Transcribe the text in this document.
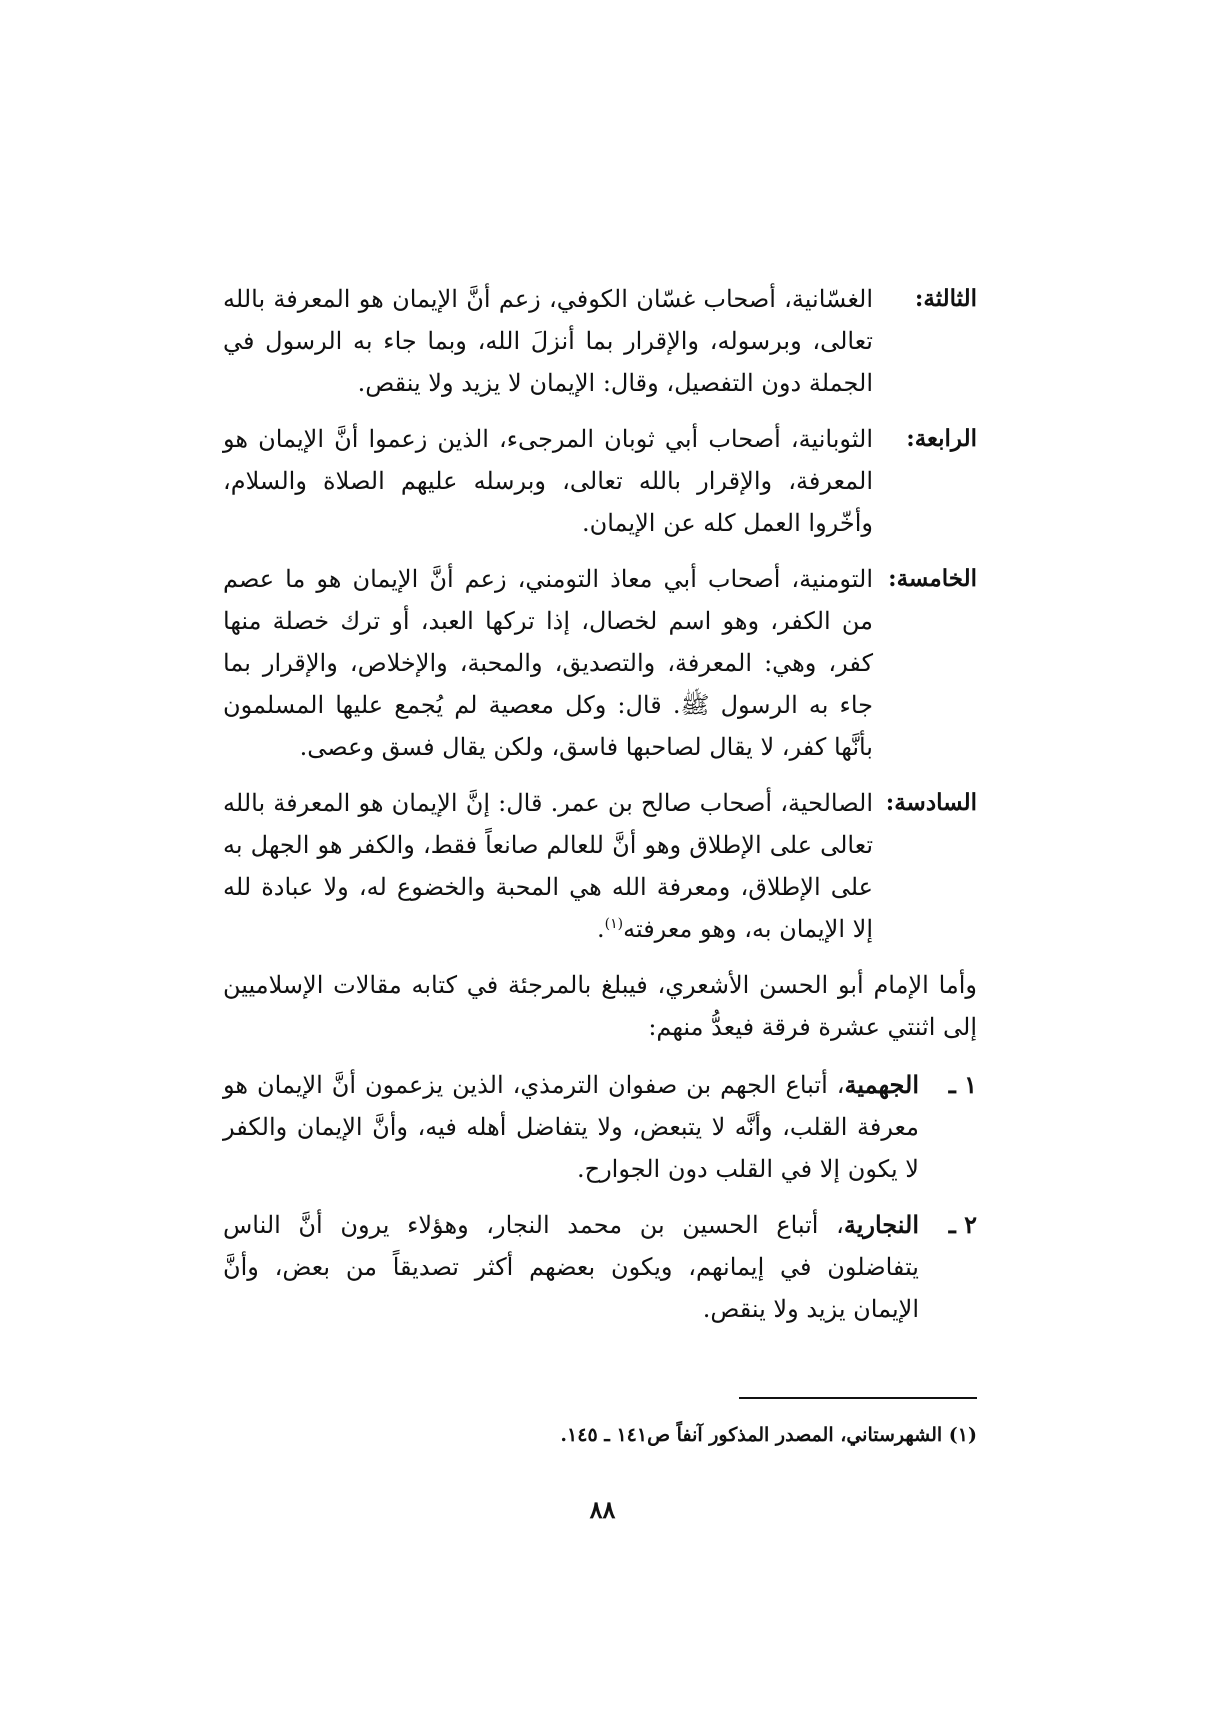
الثالثة:
الغسّانية، أصحاب غسّان الكوفي، زعم أنَّ الإيمان هو المعرفة بالله تعالى، وبرسوله، والإقرار بما أنزلَ الله، وبما جاء به الرسول في الجملة دون التفصيل، وقال: الإيمان لا يزيد ولا ينقص.
الرابعة:
الثوبانية، أصحاب أبي ثوبان المرجىء، الذين زعموا أنَّ الإيمان هو المعرفة، والإقرار بالله تعالى، وبرسله عليهم الصلاة والسلام، وأخّروا العمل كله عن الإيمان.
الخامسة:
التومنية، أصحاب أبي معاذ التومني، زعم أنَّ الإيمان هو ما عصم من الكفر، وهو اسم لخصال، إذا تركها العبد، أو ترك خصلة منها كفر، وهي: المعرفة، والتصديق، والمحبة، والإخلاص، والإقرار بما جاء به الرسول ﷺ. قال: وكل معصية لم يُجمع عليها المسلمون بأنَّها كفر، لا يقال لصاحبها فاسق، ولكن يقال فسق وعصى.
السادسة:
الصالحية، أصحاب صالح بن عمر. قال: إنَّ الإيمان هو المعرفة بالله تعالى على الإطلاق وهو أنَّ للعالم صانعاً فقط، والكفر هو الجهل به على الإطلاق، ومعرفة الله هي المحبة والخضوع له، ولا عبادة لله إلا الإيمان به، وهو معرفته$^{(١)}$.

وأما الإمام أبو الحسن الأشعري، فيبلغ بالمرجئة في كتابه مقالات الإسلاميين إلى اثنتي عشرة فرقة فيعدُّ منهم:

١ ـ
الجهمية، أتباع الجهم بن صفوان الترمذي، الذين يزعمون أنَّ الإيمان هو معرفة القلب، وأنَّه لا يتبعض، ولا يتفاضل أهله فيه، وأنَّ الإيمان والكفر لا يكون إلا في القلب دون الجوارح.
٢ ـ
النجارية، أتباع الحسين بن محمد النجار، وهؤلاء يرون أنَّ الناس يتفاضلون في إيمانهم، ويكون بعضهم أكثر تصديقاً من بعض، وأنَّ الإيمان يزيد ولا ينقص.
(١) الشهرستاني، المصدر المذكور آنفاً ص١٤١ ـ ١٤٥.
٨٨
